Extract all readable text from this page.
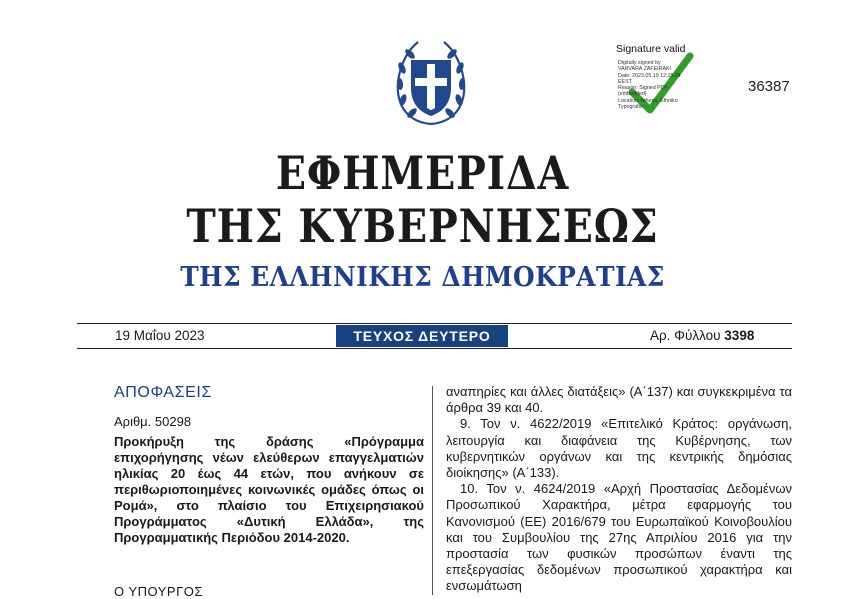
Signature valid
Digitally signed by
VARVARA ZAFEIRAKI
Date: 2023.05.19 12:15:24
EEST
Reason: Signed PDF
(embedded)
Location: Athens, Ethniko
Typografio
36387
ΕΦΗΜΕΡΙΔΑ
ΤΗΣ ΚΥΒΕΡΝΗΣΕΩΣ
ΤΗΣ ΕΛΛΗΝΙΚΗΣ ΔΗΜΟΚΡΑΤΙΑΣ
19 Μαΐου 2023	ΤΕΥΧΟΣ ΔΕΥΤΕΡΟ	Αρ. Φύλλου 3398
ΑΠΟΦΑΣΕΙΣ
Αριθμ. 50298
Προκήρυξη της δράσης «Πρόγραμμα επιχορήγησης νέων ελεύθερων επαγγελματιών ηλικίας 20 έως 44 ετών, που ανήκουν σε περιθωριοποιημένες κοινωνικές ομάδες όπως οι Ρομά», στο πλαίσιο του Επιχειρησιακού Προγράμματος «Δυτική Ελλάδα», της Προγραμματικής Περιόδου 2014-2020.
Ο ΥΠΟΥΡΓΟΣ

αναπηρίες και άλλες διατάξεις» (Α΄137) και συγκεκριμένα τα άρθρα 39 και 40.

9. Τον ν. 4622/2019 «Επιτελικό Κράτος: οργάνωση, λειτουργία και διαφάνεια της Κυβέρνησης, των κυβερνητικών οργάνων και της κεντρικής δημόσιας διοίκησης» (Α΄133).

10. Τον ν. 4624/2019 «Αρχή Προστασίας Δεδομένων Προσωπικού Χαρακτήρα, μέτρα εφαρμογής του Κανονισμού (ΕΕ) 2016/679 του Ευρωπαϊκού Κοινοβουλίου και του Συμβουλίου της 27ης Απριλίου 2016 για την προστασία των φυσικών προσώπων έναντι της επεξεργασίας δεδομένων προσωπικού χαρακτήρα και ενσωμάτωση
